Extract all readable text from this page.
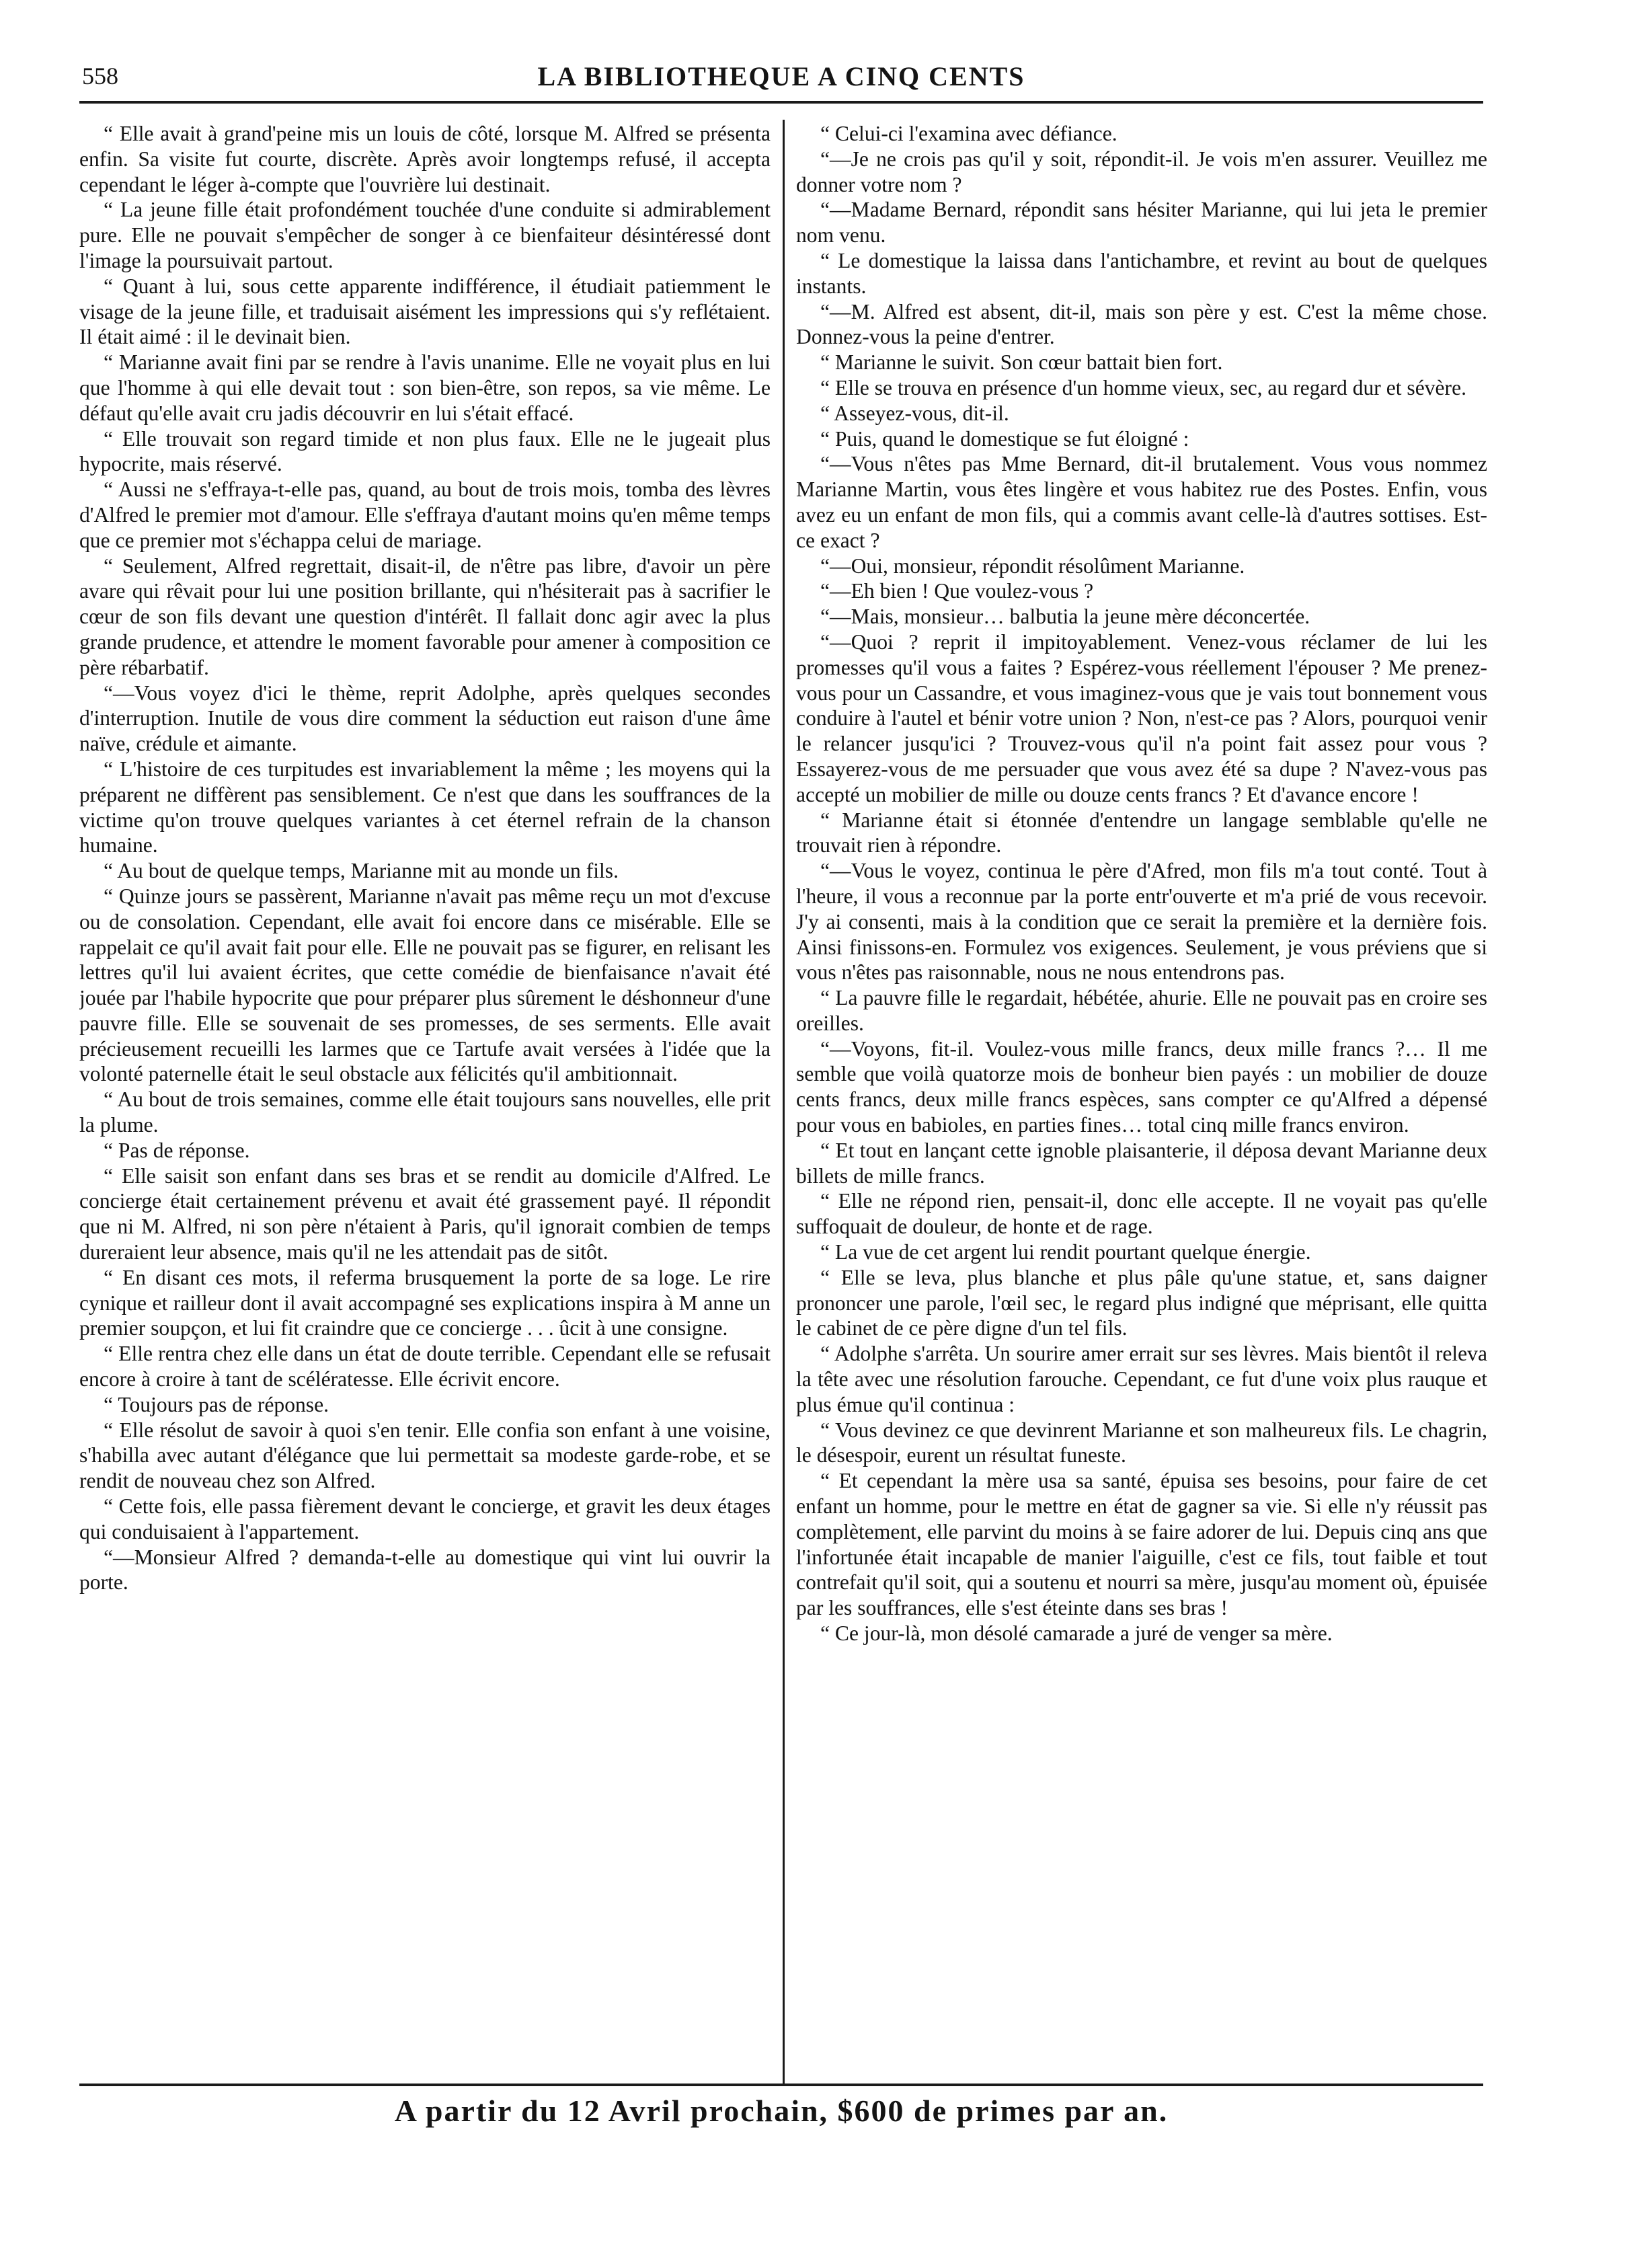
558	LA BIBLIOTHEQUE A CINQ CENTS

“ Elle avait à grand'peine mis un louis de côté, lorsque M. Alfred se présenta enfin. Sa visite fut courte, discrète. Après avoir longtemps refusé, il accepta cependant le léger à-compte que l'ouvrière lui destinait.

“ La jeune fille était profondément touchée d'une conduite si admirablement pure. Elle ne pouvait s'empêcher de songer à ce bienfaiteur désintéressé dont l'image la poursuivait partout.

“ Quant à lui, sous cette apparente indifférence, il étudiait patiemment le visage de la jeune fille, et traduisait aisément les impressions qui s'y reflétaient. Il était aimé : il le devinait bien.

“ Marianne avait fini par se rendre à l'avis unanime. Elle ne voyait plus en lui que l'homme à qui elle devait tout : son bien-être, son repos, sa vie même. Le défaut qu'elle avait cru jadis découvrir en lui s'était effacé.

“ Elle trouvait son regard timide et non plus faux. Elle ne le jugeait plus hypocrite, mais réservé.

“ Aussi ne s'effraya-t-elle pas, quand, au bout de trois mois, tomba des lèvres d'Alfred le premier mot d'amour. Elle s'effraya d'autant moins qu'en même temps que ce premier mot s'échappa celui de mariage.

“ Seulement, Alfred regrettait, disait-il, de n'être pas libre, d'avoir un père avare qui rêvait pour lui une position brillante, qui n'hésiterait pas à sacrifier le cœur de son fils devant une question d'intérêt. Il fallait donc agir avec la plus grande prudence, et attendre le moment favorable pour amener à composition ce père rébarbatif.

“—Vous voyez d'ici le thème, reprit Adolphe, après quelques secondes d'interruption. Inutile de vous dire comment la séduction eut raison d'une âme naïve, crédule et aimante.

“ L'histoire de ces turpitudes est invariablement la même ; les moyens qui la préparent ne diffèrent pas sensiblement. Ce n'est que dans les souffrances de la victime qu'on trouve quelques variantes à cet éternel refrain de la chanson humaine.

“ Au bout de quelque temps, Marianne mit au monde un fils.

“ Quinze jours se passèrent, Marianne n'avait pas même reçu un mot d'excuse ou de consolation. Cependant, elle avait foi encore dans ce misérable. Elle se rappelait ce qu'il avait fait pour elle. Elle ne pouvait pas se figurer, en relisant les lettres qu'il lui avaient écrites, que cette comédie de bienfaisance n'avait été jouée par l'habile hypocrite que pour préparer plus sûrement le déshonneur d'une pauvre fille. Elle se souvenait de ses promesses, de ses serments. Elle avait précieusement recueilli les larmes que ce Tartufe avait versées à l'idée que la volonté paternelle était le seul obstacle aux félicités qu'il ambitionnait.

“ Au bout de trois semaines, comme elle était toujours sans nouvelles, elle prit la plume.

“ Pas de réponse.

“ Elle saisit son enfant dans ses bras et se rendit au domicile d'Alfred. Le concierge était certainement prévenu et avait été grassement payé. Il répondit que ni M. Alfred, ni son père n'étaient à Paris, qu'il ignorait combien de temps dureraient leur absence, mais qu'il ne les attendait pas de sitôt.

“ En disant ces mots, il referma brusquement la porte de sa loge. Le rire cynique et railleur dont il avait accompagné ses explications inspira à M anne un premier soupçon, et lui fit craindre que ce concierge . . . ûcit à une consigne.

“ Elle rentra chez elle dans un état de doute terrible. Cependant elle se refusait encore à croire à tant de scélératesse. Elle écrivit encore.

“ Toujours pas de réponse.

“ Elle résolut de savoir à quoi s'en tenir. Elle confia son enfant à une voisine, s'habilla avec autant d'élégance que lui permettait sa modeste garde-robe, et se rendit de nouveau chez son Alfred.

“ Cette fois, elle passa fièrement devant le concierge, et gravit les deux étages qui conduisaient à l'appartement.

“—Monsieur Alfred ? demanda-t-elle au domestique qui vint lui ouvrir la porte.

“ Celui-ci l'examina avec défiance.

“—Je ne crois pas qu'il y soit, répondit-il. Je vois m'en assurer. Veuillez me donner votre nom ?

“—Madame Bernard, répondit sans hésiter Marianne, qui lui jeta le premier nom venu.

“ Le domestique la laissa dans l'antichambre, et revint au bout de quelques instants.

“—M. Alfred est absent, dit-il, mais son père y est. C'est la même chose. Donnez-vous la peine d'entrer.

“ Marianne le suivit. Son cœur battait bien fort.

“ Elle se trouva en présence d'un homme vieux, sec, au regard dur et sévère.

“ Asseyez-vous, dit-il.

“ Puis, quand le domestique se fut éloigné :

“—Vous n'êtes pas Mme Bernard, dit-il brutalement. Vous vous nommez Marianne Martin, vous êtes lingère et vous habitez rue des Postes. Enfin, vous avez eu un enfant de mon fils, qui a commis avant celle-là d'autres sottises. Est-ce exact ?

“—Oui, monsieur, répondit résolûment Marianne.

“—Eh bien ! Que voulez-vous ?

“—Mais, monsieur… balbutia la jeune mère déconcertée.

“—Quoi ? reprit il impitoyablement. Venez-vous réclamer de lui les promesses qu'il vous a faites ? Espérez-vous réellement l'épouser ? Me prenez-vous pour un Cassandre, et vous imaginez-vous que je vais tout bonnement vous conduire à l'autel et bénir votre union ? Non, n'est-ce pas ? Alors, pourquoi venir le relancer jusqu'ici ? Trouvez-vous qu'il n'a point fait assez pour vous ? Essayerez-vous de me persuader que vous avez été sa dupe ? N'avez-vous pas accepté un mobilier de mille ou douze cents francs ? Et d'avance encore !

“ Marianne était si étonnée d'entendre un langage semblable qu'elle ne trouvait rien à répondre.

“—Vous le voyez, continua le père d'Afred, mon fils m'a tout conté. Tout à l'heure, il vous a reconnue par la porte entr'ouverte et m'a prié de vous recevoir. J'y ai consenti, mais à la condition que ce serait la première et la dernière fois. Ainsi finissons-en. Formulez vos exigences. Seulement, je vous préviens que si vous n'êtes pas raisonnable, nous ne nous entendrons pas.

“ La pauvre fille le regardait, hébétée, ahurie. Elle ne pouvait pas en croire ses oreilles.

“—Voyons, fit-il. Voulez-vous mille francs, deux mille francs ?… Il me semble que voilà quatorze mois de bonheur bien payés : un mobilier de douze cents francs, deux mille francs espèces, sans compter ce qu'Alfred a dépensé pour vous en babioles, en parties fines… total cinq mille francs environ.

“ Et tout en lançant cette ignoble plaisanterie, il déposa devant Marianne deux billets de mille francs.

“ Elle ne répond rien, pensait-il, donc elle accepte. Il ne voyait pas qu'elle suffoquait de douleur, de honte et de rage.

“ La vue de cet argent lui rendit pourtant quelque énergie.

“ Elle se leva, plus blanche et plus pâle qu'une statue, et, sans daigner prononcer une parole, l'œil sec, le regard plus indigné que méprisant, elle quitta le cabinet de ce père digne d'un tel fils.

“ Adolphe s'arrêta. Un sourire amer errait sur ses lèvres. Mais bientôt il releva la tête avec une résolution farouche. Cependant, ce fut d'une voix plus rauque et plus émue qu'il continua :

“ Vous devinez ce que devinrent Marianne et son malheureux fils. Le chagrin, le désespoir, eurent un résultat funeste.

“ Et cependant la mère usa sa santé, épuisa ses besoins, pour faire de cet enfant un homme, pour le mettre en état de gagner sa vie. Si elle n'y réussit pas complètement, elle parvint du moins à se faire adorer de lui. Depuis cinq ans que l'infortunée était incapable de manier l'aiguille, c'est ce fils, tout faible et tout contrefait qu'il soit, qui a soutenu et nourri sa mère, jusqu'au moment où, épuisée par les souffrances, elle s'est éteinte dans ses bras !

“ Ce jour-là, mon désolé camarade a juré de venger sa mère.

A partir du 12 Avril prochain, $600 de primes par an.
